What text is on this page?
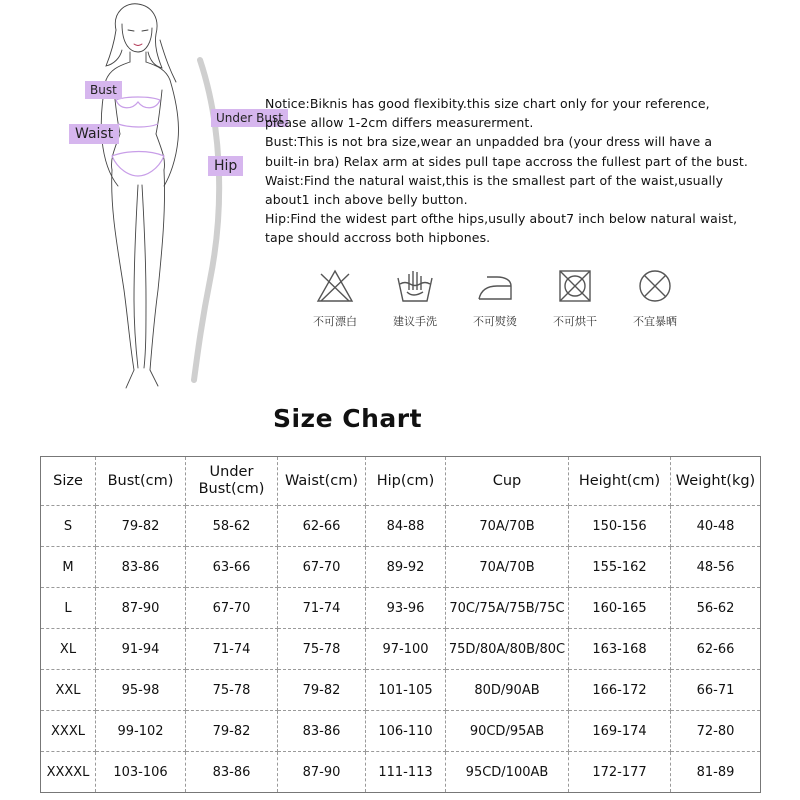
Bust
Waist
Under Bust
Hip

Notice:Biknis has good flexibity.this size chart only for your reference,

please allow 1-2cm differs measurerment.

Bust:This is not bra size,wear an unpadded bra (your dress will have a

built-in bra) Relax arm at sides pull tape accross the fullest part of the bust.

Waist:Find the natural waist,this is the smallest part of the waist,usually

about1 inch above belly button.

Hip:Find the widest part ofthe hips,usully about7 inch below natural waist,

tape should accross both hipbones.

不可漂白	建议手洗	不可熨烫	不可烘干	不宜暴晒
Size Chart
Size	Bust(cm)	Under Bust(cm)	Waist(cm)	Hip(cm)	Cup	Height(cm)	Weight(kg)
S	79-82	58-62	62-66	84-88	70A/70B	150-156	40-48
M	83-86	63-66	67-70	89-92	70A/70B	155-162	48-56
L	87-90	67-70	71-74	93-96	70C/75A/75B/75C	160-165	56-62
XL	91-94	71-74	75-78	97-100	75D/80A/80B/80C	163-168	62-66
XXL	95-98	75-78	79-82	101-105	80D/90AB	166-172	66-71
XXXL	99-102	79-82	83-86	106-110	90CD/95AB	169-174	72-80
XXXXL	103-106	83-86	87-90	111-113	95CD/100AB	172-177	81-89
